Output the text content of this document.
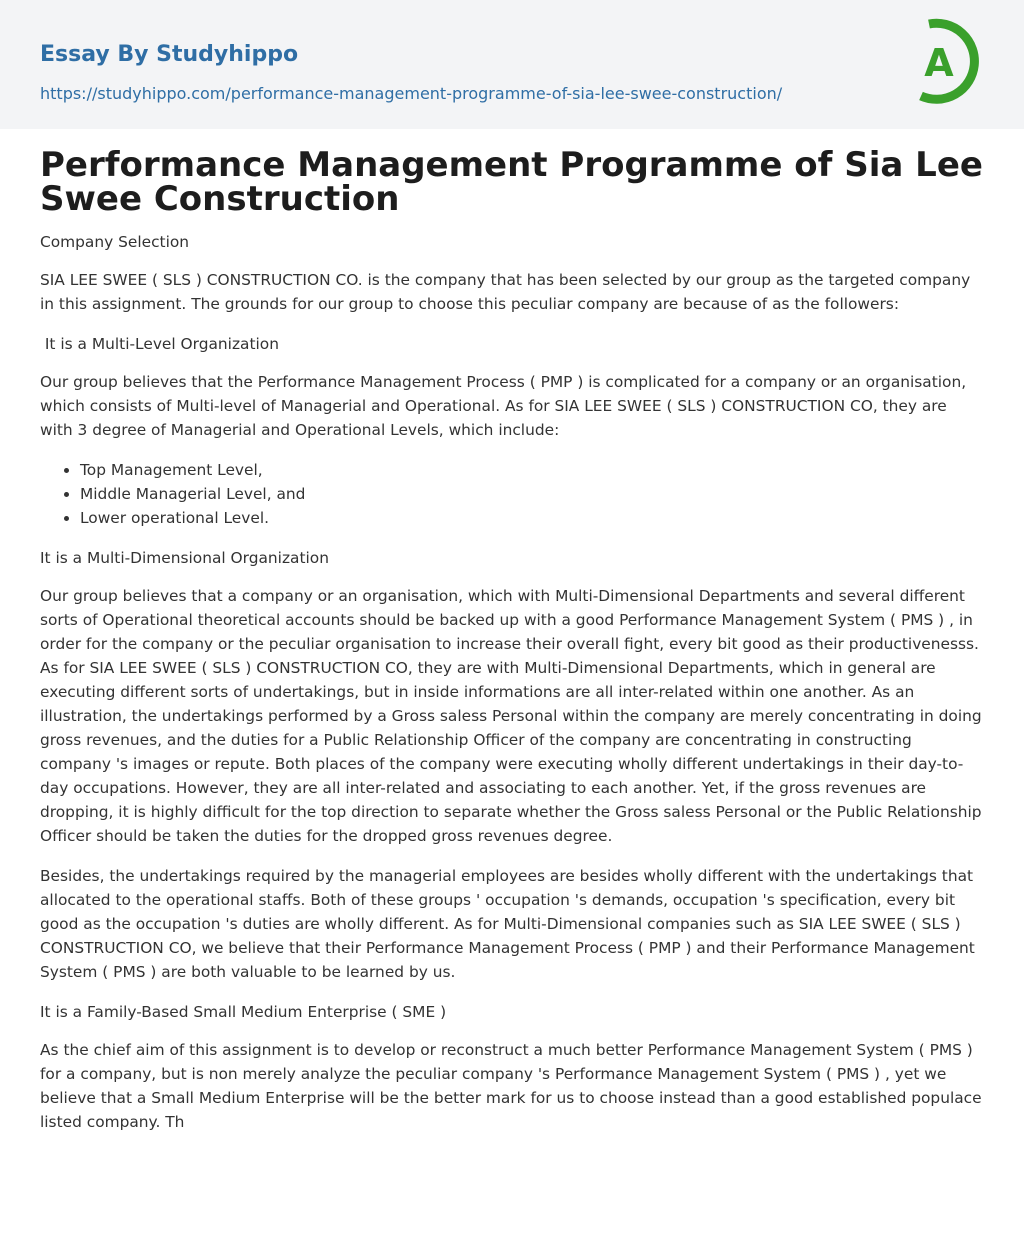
Essay By Studyhippo
https://studyhippo.com/performance-management-programme-of-sia-lee-swee-construction/
A
Performance Management Programme of Sia Lee Swee Construction

Company Selection

SIA LEE SWEE ( SLS ) CONSTRUCTION CO. is the company that has been selected by our group as the targeted company in this assignment. The grounds for our group to choose this peculiar company are because of as the followers:

It is a Multi-Level Organization

Our group believes that the Performance Management Process ( PMP ) is complicated for a company or an organisation, which consists of Multi-level of Managerial and Operational. As for SIA LEE SWEE ( SLS ) CONSTRUCTION CO, they are with 3 degree of Managerial and Operational Levels, which include:

• Top Management Level,
• Middle Managerial Level, and
• Lower operational Level.

It is a Multi-Dimensional Organization

Our group believes that a company or an organisation, which with Multi-Dimensional Departments and several different sorts of Operational theoretical accounts should be backed up with a good Performance Management System ( PMS ) , in order for the company or the peculiar organisation to increase their overall fight, every bit good as their productivenesss. As for SIA LEE SWEE ( SLS ) CONSTRUCTION CO, they are with Multi-Dimensional Departments, which in general are executing different sorts of undertakings, but in inside informations are all inter-related within one another. As an illustration, the undertakings performed by a Gross saless Personal within the company are merely concentrating in doing gross revenues, and the duties for a Public Relationship Officer of the company are concentrating in constructing company 's images or repute. Both places of the company were executing wholly different undertakings in their day-to-day occupations. However, they are all inter-related and associating to each another. Yet, if the gross revenues are dropping, it is highly difficult for the top direction to separate whether the Gross saless Personal or the Public Relationship Officer should be taken the duties for the dropped gross revenues degree.

Besides, the undertakings required by the managerial employees are besides wholly different with the undertakings that allocated to the operational staffs. Both of these groups ' occupation 's demands, occupation 's specification, every bit good as the occupation 's duties are wholly different. As for Multi-Dimensional companies such as SIA LEE SWEE ( SLS ) CONSTRUCTION CO, we believe that their Performance Management Process ( PMP ) and their Performance Management System ( PMS ) are both valuable to be learned by us.

It is a Family-Based Small Medium Enterprise ( SME )

As the chief aim of this assignment is to develop or reconstruct a much better Performance Management System ( PMS ) for a company, but is non merely analyze the peculiar company 's Performance Management System ( PMS ) , yet we believe that a Small Medium Enterprise will be the better mark for us to choose instead than a good established populace listed company. Th
